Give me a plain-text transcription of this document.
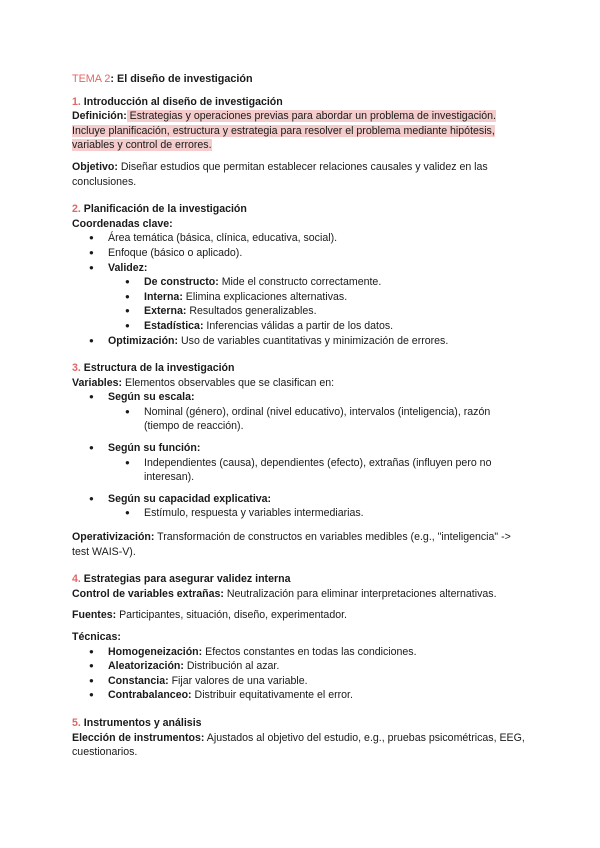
TEMA 2: El diseño de investigación
1. Introducción al diseño de investigación

Definición: Estrategias y operaciones previas para abordar un problema de investigación.
Incluye planificación, estructura y estrategia para resolver el problema mediante hipótesis,
variables y control de errores.

Objetivo: Diseñar estudios que permitan establecer relaciones causales y validez en las conclusiones.

2. Planificación de la investigación

Coordenadas clave:

● Área temática (básica, clínica, educativa, social).
● Enfoque (básico o aplicado).
● Validez:
● De constructo: Mide el constructo correctamente.
● Interna: Elimina explicaciones alternativas.
● Externa: Resultados generalizables.
● Estadística: Inferencias válidas a partir de los datos.
● Optimización: Uso de variables cuantitativas y minimización de errores.
3. Estructura de la investigación

Variables: Elementos observables que se clasifican en:

● Según su escala:
● Nominal (género), ordinal (nivel educativo), intervalos (inteligencia), razón (tiempo de reacción).
● Según su función:
● Independientes (causa), dependientes (efecto), extrañas (influyen pero no interesan).
● Según su capacidad explicativa:
● Estímulo, respuesta y variables intermediarias.

Operativización: Transformación de constructos en variables medibles (e.g., "inteligencia" -> test WAIS-V).

4. Estrategias para asegurar validez interna

Control de variables extrañas: Neutralización para eliminar interpretaciones alternativas.

Fuentes: Participantes, situación, diseño, experimentador.

Técnicas:

● Homogeneización: Efectos constantes en todas las condiciones.
● Aleatorización: Distribución al azar.
● Constancia: Fijar valores de una variable.
● Contrabalanceo: Distribuir equitativamente el error.
5. Instrumentos y análisis

Elección de instrumentos: Ajustados al objetivo del estudio, e.g., pruebas psicométricas, EEG, cuestionarios.
